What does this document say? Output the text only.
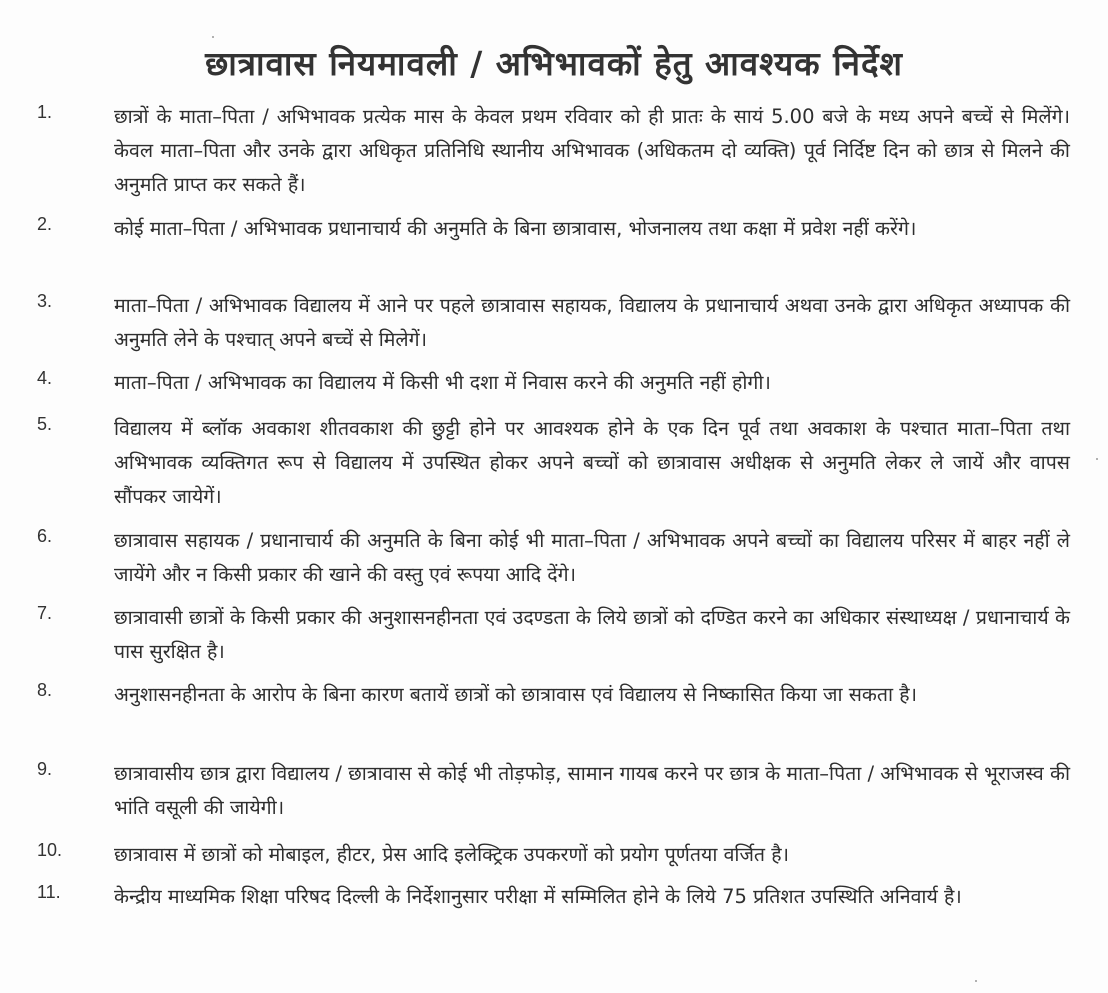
छात्रावास नियमावली / अभिभावकों हेतु आवश्यक निर्देश
1.	छात्रों के माता–पिता / अभिभावक प्रत्येक मास के केवल प्रथम रविवार को ही प्रातः के सायं 5.00 बजे के मध्य अपने बच्चें से मिलेंगे। केवल माता–पिता और उनके द्वारा अधिकृत प्रतिनिधि स्थानीय अभिभावक (अधिकतम दो व्यक्ति) पूर्व निर्दिष्ट दिन को छात्र से मिलने की अनुमति प्राप्त कर सकते हैं।
2.	कोई माता–पिता / अभिभावक प्रधानाचार्य की अनुमति के बिना छात्रावास, भोजनालय तथा कक्षा में प्रवेश नहीं करेंगे।
3.	माता–पिता / अभिभावक विद्यालय में आने पर पहले छात्रावास सहायक, विद्यालय के प्रधानाचार्य अथवा उनके द्वारा अधिकृत अध्यापक की अनुमति लेने के पश्चात् अपने बच्चें से मिलेगें।
4.	माता–पिता / अभिभावक का विद्यालय में किसी भी दशा में निवास करने की अनुमति नहीं होगी।
5.	विद्यालय में ब्लॉक अवकाश शीतवकाश की छुट्टी होने पर आवश्यक होने के एक दिन पूर्व तथा अवकाश के पश्चात माता–पिता तथा अभिभावक व्यक्तिगत रूप से विद्यालय में उपस्थित होकर अपने बच्चों को छात्रावास अधीक्षक से अनुमति लेकर ले जायें और वापस सौंपकर जायेगें।
6.	छात्रावास सहायक / प्रधानाचार्य की अनुमति के बिना कोई भी माता–पिता / अभिभावक अपने बच्चों का विद्यालय परिसर में बाहर नहीं ले जायेंगे और न किसी प्रकार की खाने की वस्तु एवं रूपया आदि देंगे।
7.	छात्रावासी छात्रों के किसी प्रकार की अनुशासनहीनता एवं उदण्डता के लिये छात्रों को दण्डित करने का अधिकार संस्थाध्यक्ष / प्रधानाचार्य के पास सुरक्षित है।
8.	अनुशासनहीनता के आरोप के बिना कारण बतायें छात्रों को छात्रावास एवं विद्यालय से निष्कासित किया जा सकता है।
9.	छात्रावासीय छात्र द्वारा विद्यालय / छात्रावास से कोई भी तोड़फोड़, सामान गायब करने पर छात्र के माता–पिता / अभिभावक से भूराजस्व की भांति वसूली की जायेगी।
10.	छात्रावास में छात्रों को मोबाइल, हीटर, प्रेस आदि इलेक्ट्रिक उपकरणों को प्रयोग पूर्णतया वर्जित है।
11.	केन्द्रीय माध्यमिक शिक्षा परिषद दिल्ली के निर्देशानुसार परीक्षा में सम्मिलित होने के लिये 75 प्रतिशत उपस्थिति अनिवार्य है।
